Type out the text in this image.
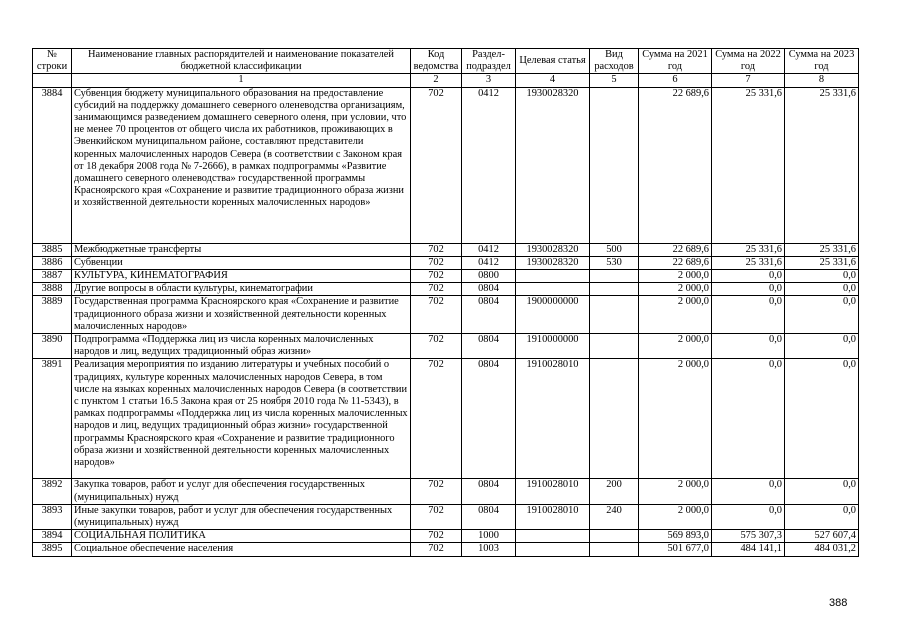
№ строки	Наименование главных распорядителей и наименование показателей бюджетной классификации	Код ведомства	Раздел-подраздел	Целевая статья	Вид расходов	Сумма на 2021 год	Сумма на 2022 год	Сумма на 2023 год
	1	2	3	4	5	6	7	8
3884	Субвенция бюджету муниципального образования на предоставление субсидий на поддержку домашнего северного оленеводства организациям, занимающимся разведением домашнего северного оленя, при условии, что не менее 70 процентов от общего числа их работников, проживающих в Эвенкийском муниципальном районе, составляют представители коренных малочисленных народов Севера (в соответствии с Законом края от 18 декабря 2008 года № 7-2666), в рамках подпрограммы «Развитие домашнего северного оленеводства» государственной программы Красноярского края «Сохранение и развитие традиционного образа жизни и хозяйственной деятельности коренных малочисленных народов»	702	0412	1930028320		22 689,6	25 331,6	25 331,6
3885	Межбюджетные трансферты	702	0412	1930028320	500	22 689,6	25 331,6	25 331,6
3886	Субвенции	702	0412	1930028320	530	22 689,6	25 331,6	25 331,6
3887	КУЛЬТУРА, КИНЕМАТОГРАФИЯ	702	0800			2 000,0	0,0	0,0
3888	Другие вопросы в области культуры, кинематографии	702	0804			2 000,0	0,0	0,0
3889	Государственная программа Красноярского края «Сохранение и развитие традиционного образа жизни и хозяйственной деятельности коренных малочисленных народов»	702	0804	1900000000		2 000,0	0,0	0,0
3890	Подпрограмма «Поддержка лиц из числа коренных малочисленных народов и лиц, ведущих традиционный образ жизни»	702	0804	1910000000		2 000,0	0,0	0,0
3891	Реализация мероприятия по изданию литературы и учебных пособий о традициях, культуре коренных малочисленных народов Севера, в том числе на языках коренных малочисленных народов Севера (в соответствии с пунктом 1 статьи 16.5 Закона края от 25 ноября 2010 года № 11-5343), в рамках подпрограммы «Поддержка лиц из числа коренных малочисленных народов и лиц, ведущих традиционный образ жизни» государственной программы Красноярского края «Сохранение и развитие традиционного образа жизни и хозяйственной деятельности коренных малочисленных народов»	702	0804	1910028010		2 000,0	0,0	0,0
3892	Закупка товаров, работ и услуг для обеспечения государственных (муниципальных) нужд	702	0804	1910028010	200	2 000,0	0,0	0,0
3893	Иные закупки товаров, работ и услуг для обеспечения государственных (муниципальных) нужд	702	0804	1910028010	240	2 000,0	0,0	0,0
3894	СОЦИАЛЬНАЯ ПОЛИТИКА	702	1000			569 893,0	575 307,3	527 607,4
3895	Социальное обеспечение населения	702	1003			501 677,0	484 141,1	484 031,2
388
